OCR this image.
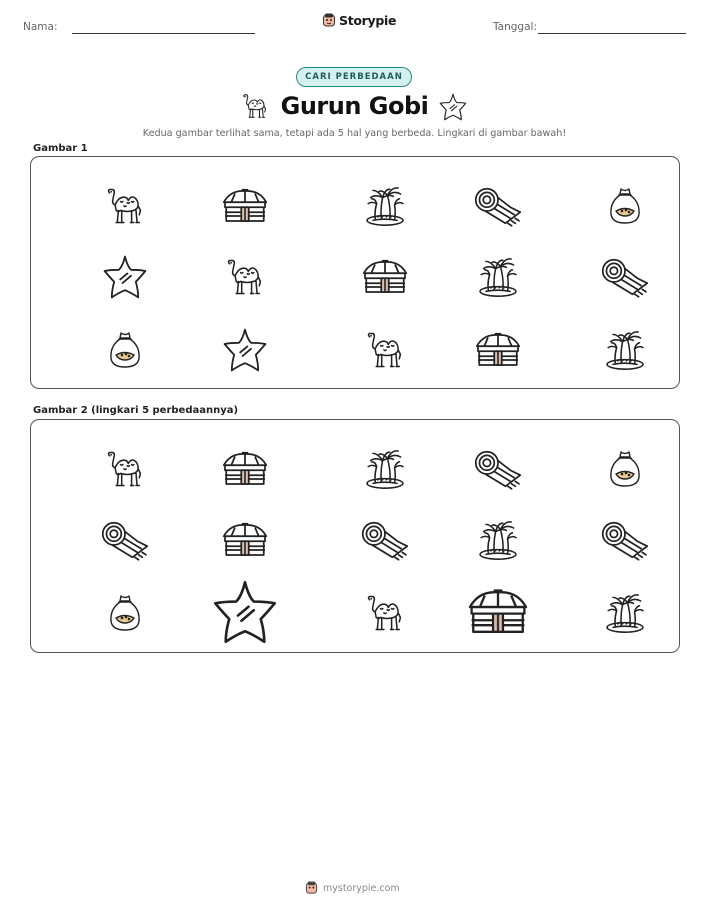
Nama:	Storypie	Tanggal:
CARI PERBEDAAN
Gurun Gobi
Kedua gambar terlihat sama, tetapi ada 5 hal yang berbeda. Lingkari di gambar bawah!
Gambar 1
Gambar 2 (lingkari 5 perbedaannya)
mystorypie.com
